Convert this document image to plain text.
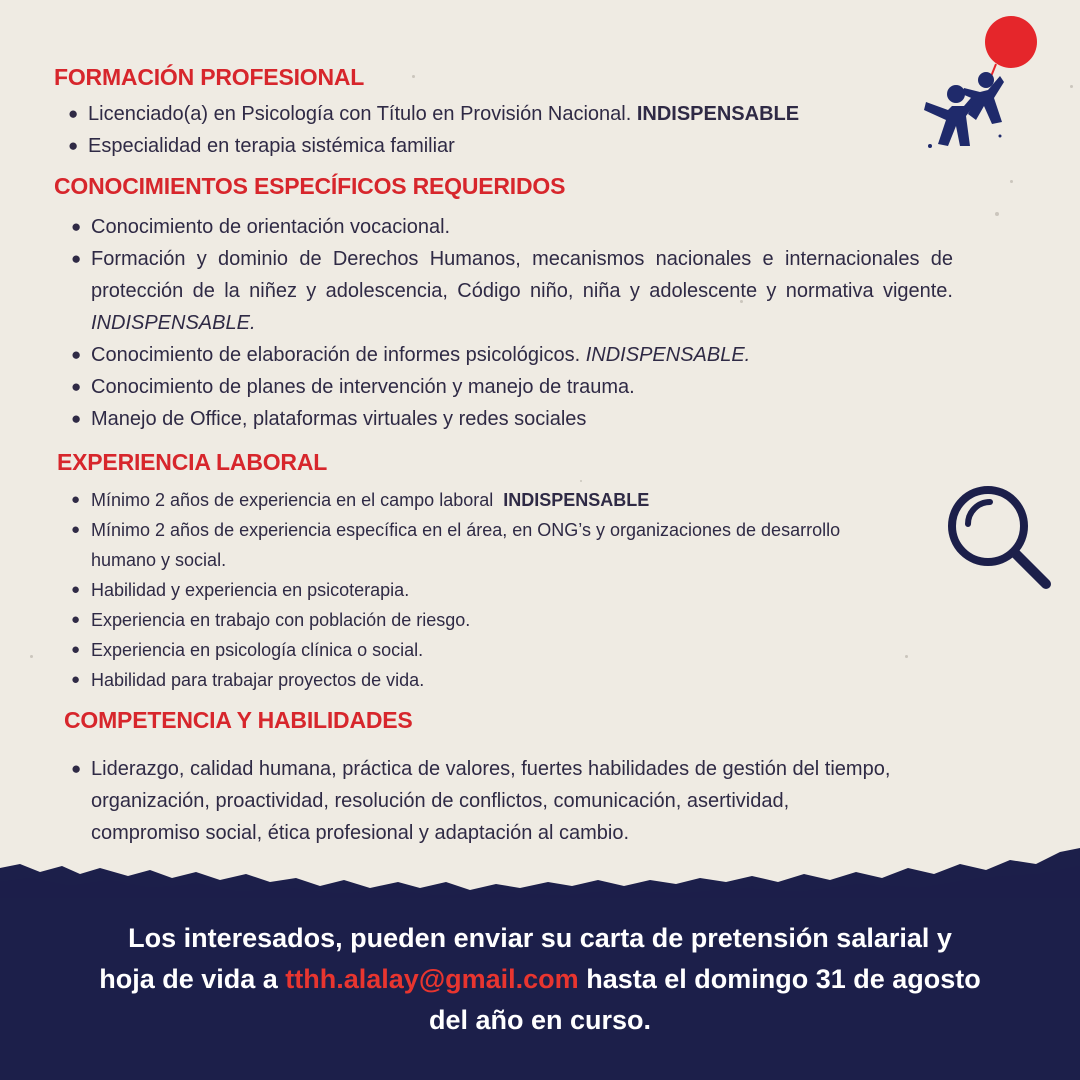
FORMACIÓN PROFESIONAL
● Licenciado(a) en Psicología con Título en Provisión Nacional. INDISPENSABLE
● Especialidad en terapia sistémica familiar
CONOCIMIENTOS ESPECÍFICOS REQUERIDOS
● Conocimiento de orientación vocacional.
● Formación y dominio de Derechos Humanos, mecanismos nacionales e internacionales de protección de la niñez y adolescencia, Código niño, niña y adolescente y normativa vigente. INDISPENSABLE.
● Conocimiento de elaboración de informes psicológicos. INDISPENSABLE.
● Conocimiento de planes de intervención y manejo de trauma.
● Manejo de Office, plataformas virtuales y redes sociales
EXPERIENCIA LABORAL
● Mínimo 2 años de experiencia en el campo laboral INDISPENSABLE
● Mínimo 2 años de experiencia específica en el área, en ONG’s y organizaciones de desarrollo humano y social.
● Habilidad y experiencia en psicoterapia.
● Experiencia en trabajo con población de riesgo.
● Experiencia en psicología clínica o social.
● Habilidad para trabajar proyectos de vida.
COMPETENCIA Y HABILIDADES
● Liderazgo, calidad humana, práctica de valores, fuertes habilidades de gestión del tiempo, organización, proactividad, resolución de conflictos, comunicación, asertividad, compromiso social, ética profesional y adaptación al cambio.
Los interesados, pueden enviar su carta de pretensión salarial y
hoja de vida a tthh.alalay@gmail.com hasta el domingo 31 de agosto
del año en curso.
